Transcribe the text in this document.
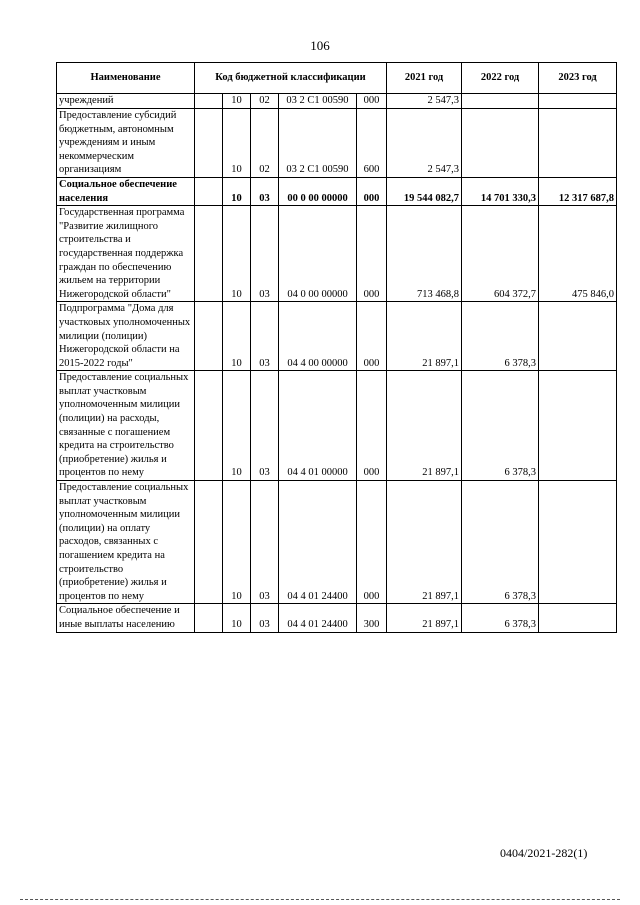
106
Наименование	Код бюджетной классификации					2021 год	2022 год	2023 год
учреждений		10	02	03 2 С1 00590	000	2 547,3		
Предоставление субсидий бюджетным, автономным учреждениям и иным некоммерческим организациям		10	02	03 2 С1 00590	600	2 547,3		
Социальное обеспечение населения		10	03	00 0 00 00000	000	19 544 082,7	14 701 330,3	12 317 687,8
Государственная программа "Развитие жилищного строительства и государственная поддержка граждан по обеспечению жильем на территории Нижегородской области"		10	03	04 0 00 00000	000	713 468,8	604 372,7	475 846,0
Подпрограмма "Дома для участковых уполномоченных милиции (полиции) Нижегородской области на 2015-2022 годы"		10	03	04 4 00 00000	000	21 897,1	6 378,3	
Предоставление социальных выплат участковым уполномоченным милиции (полиции) на расходы, связанные с погашением кредита на строительство (приобретение) жилья и процентов по нему		10	03	04 4 01 00000	000	21 897,1	6 378,3	
Предоставление социальных выплат участковым уполномоченным милиции (полиции) на оплату расходов, связанных с погашением кредита на строительство (приобретение) жилья и процентов по нему		10	03	04 4 01 24400	000	21 897,1	6 378,3	
Социальное обеспечение и иные выплаты населению		10	03	04 4 01 24400	300	21 897,1	6 378,3	
0404/2021-282(1)
